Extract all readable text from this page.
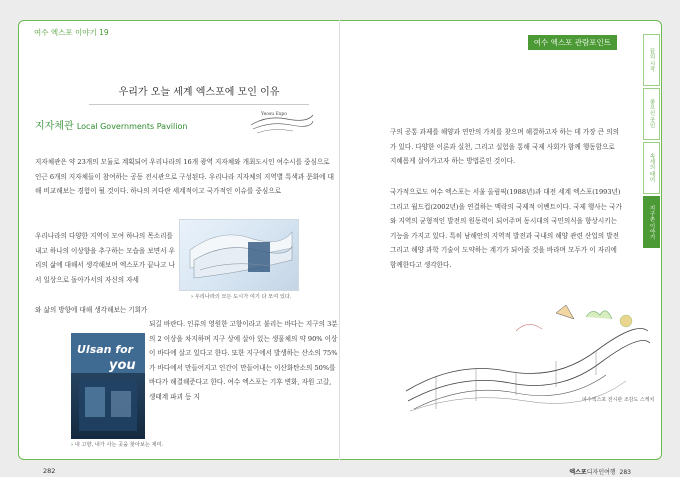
여수 엑스포 이야기 19
우리가 오늘 세계 엑스포에 모인 이유
지자체관 Local Governments Pavilion
Yeosu Expo
지자체관은 약 23개의 모듈로 계획되어 우리나라의 16개 광역 지자체와 개최도시인 여수시를 중심으로 인근 6개의 지자체들이 참여하는 공동 전시관으로 구성된다. 우리나라 지자체의 지역별 특색과 문화에 대해 비교해보는 경험이 될 것이다. 하나의 커다란 세계적이고 국가적인 이슈를 중심으로
우리나라의 다양한 지역이 모여 하나의 목소리를 내고 하나의 이상향을 추구하는 모습을 보면서 우리의 삶에 대해서 생각해보며 엑스포가 끝나고 나서 일상으로 돌아가서의 자신의 자세
› 우리나라의 모든 도시가 여기 다 모여 있다.
와 삶의 방향에 대해 생각해보는 기회가
되길 바란다. 인류의 영원한 고향이라고 불리는 바다는 지구의 3분의 2 이상을 차지하며 지구 상에 살아 있는 생물체의 약 90% 이상이 바다에 살고 있다고 한다. 또한 지구에서 발생하는 산소의 75%가 바다에서 만들어지고 인간이 만들어내는 이산화탄소의 50%를 바다가 해결해준다고 한다. 여수 엑스포는 기후 변화, 자원 고갈, 생태계 파괴 등 지
Ulsan for
you
› 내 고향, 내가 사는 곳을 찾아보는 재미.
282
여수 엑스포 관람포인트
구의 공통 과제를 해양과 연안의 가치를 찾으며 해결하고자 하는 데 가장 큰 의의가 있다. 다양한 이론과 실천, 그리고 실험을 통해 국제 사회가 함께 행동함으로 지혜롭게 살아가고자 하는 방법론인 것이다.
국가적으로도 여수 엑스포는 서울 올림픽(1988년)과 대전 세계 엑스포(1993년) 그리고 월드컵(2002년)을 연결하는 맥락의 국제적 이벤트이다. 국제 행사는 국가와 지역의 균형적인 발전의 원동력이 되어주며 동시대의 국민의식을 향상시키는 기능을 가지고 있다. 특히 남해안의 지역적 발전과 국내의 해양 관련 산업의 발전 그리고 해양 과학 기술이 도약하는 계기가 되어줄 것을 바라며 모두가 이 자리에 함께한다고 생각한다.
여수엑스포 전시관 조감도 스케치
엑스포디자인여행 283
끝의 시작
좋으신 곳인
속세의 태어
지구촌 이야기
